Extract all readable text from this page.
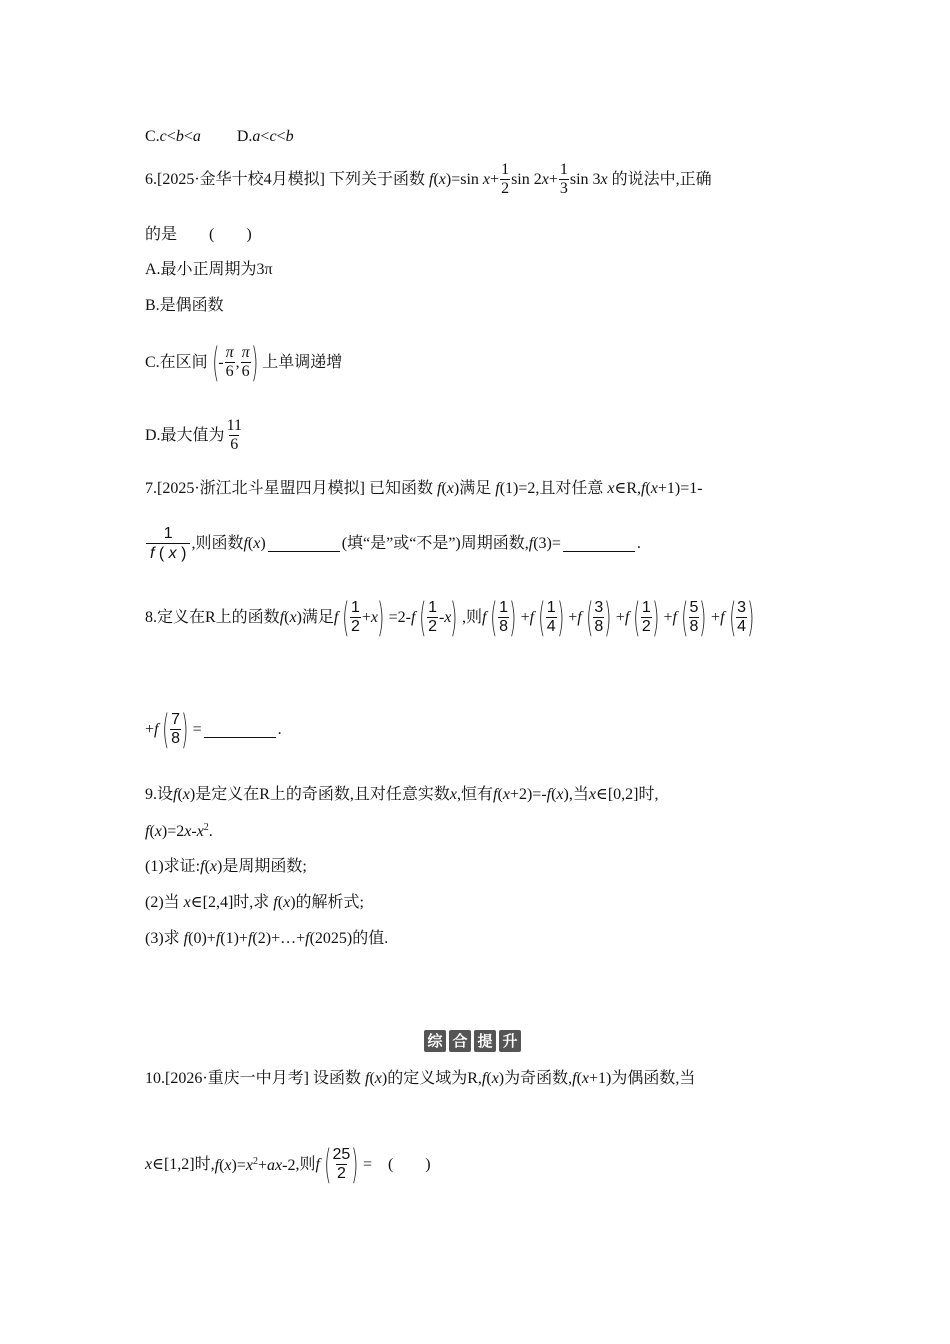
C.c<b<a D.a<c<b
6.[2025·金华十校4月模拟] 下列关于函数 f(x)=sin $x+ \frac{1}{2}$ $\sin 2x+ \frac{1}{3}$ sin 3x 的说法中,正确
的是　　(　　)
A.最小正周期为3π
B.是偶函数
C.在区间 ( -
π
6
,
π
6 ) 上单调递增
D.最大值为
11
6
7.[2025·浙江北斗星盟四月模拟] 已知函数 f(x) 满足 f (1)=2,且对任意 x ∈R, f ( x +1)=1-
1
f ( x )
,则函数 f(x)	(填“是”或“不是”)周期函数, f (3)=	.
8.定义在R上的函数 f(x) 满足 f ( 1
2
+x ) =2- f ( 1
2
-x ) ,则 f ( 1
8 ) +f ( 1
4 ) +f ( 3
8 ) +f ( 1
2 ) +f ( 5
8 ) +f ( 3
4 )
+f ( 7
8 ) =	.
9.设 f(x) 是定义在R上的奇函数,且对任意实数 x ,恒有 f(x+2)=-f(x) ,当 x ∈[0,2]时,
$f(x)=2x-x^2$.
(1)求证: f(x) 是周期函数;
(2)当 x ∈[2,4]时,求 f(x) 的解析式;
(3)求 f(0)+f(1)+f(2)+…+f(2025) 的值.
综 合 提 升
10.[2026·重庆一中月考] 设函数 f(x) 的定义域为R, f(x) 为奇函数, f(x+1) 为偶函数,当
x ∈[1,2]时, $f(x)=x^2+ax-2$ ,则 f ( 25
2 ) =　(　　)
